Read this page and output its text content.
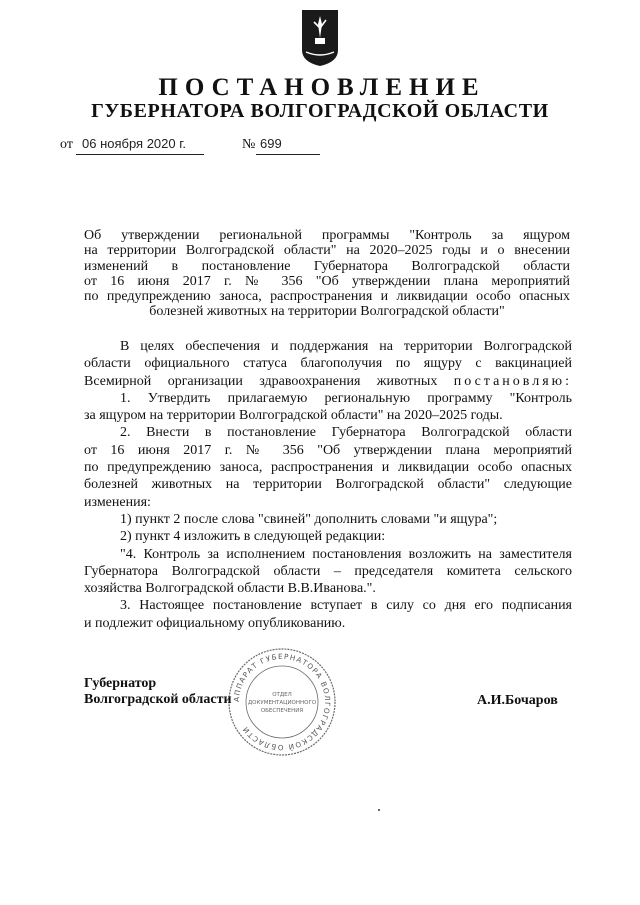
ПОСТАНОВЛЕНИЕ
ГУБЕРНАТОРА ВОЛГОГРАДСКОЙ ОБЛАСТИ
от 06 ноября 2020 г.	№ 699
Об утверждении региональной программы "Контроль за ящуром
на территории Волгоградской области" на 2020–2025 годы и о внесении
изменений в постановление Губернатора Волгоградской области
от 16 июня 2017 г. № 356 "Об утверждении плана мероприятий
по предупреждению заноса, распространения и ликвидации особо опасных
болезней животных на территории Волгоградской области"
В целях обеспечения и поддержания на территории Волгоградской
области официального статуса благополучия по ящуру с вакцинацией
Всемирной организации здравоохранения животных постановляю:
1. Утвердить прилагаемую региональную программу "Контроль
за ящуром на территории Волгоградской области" на 2020–2025 годы.
2. Внести в постановление Губернатора Волгоградской области
от 16 июня 2017 г. № 356 "Об утверждении плана мероприятий
по предупреждению заноса, распространения и ликвидации особо опасных
болезней животных на территории Волгоградской области" следующие
изменения:
1) пункт 2 после слова "свиней" дополнить словами "и ящура";
2) пункт 4 изложить в следующей редакции:
"4. Контроль за исполнением постановления возложить на заместителя
Губернатора Волгоградской области – председателя комитета сельского
хозяйства Волгоградской области В.В.Иванова.".
3. Настоящее постановление вступает в силу со дня его подписания
и подлежит официальному опубликованию.
АППАРАТ ГУБЕРНАТОРА ВОЛГОГРАДСКОЙ ОБЛАСТИ
ОТДЕЛ
ДОКУМЕНТАЦИОННОГО
ОБЕСПЕЧЕНИЯ
Губернатор
Волгоградской области	А.И.Бочаров
